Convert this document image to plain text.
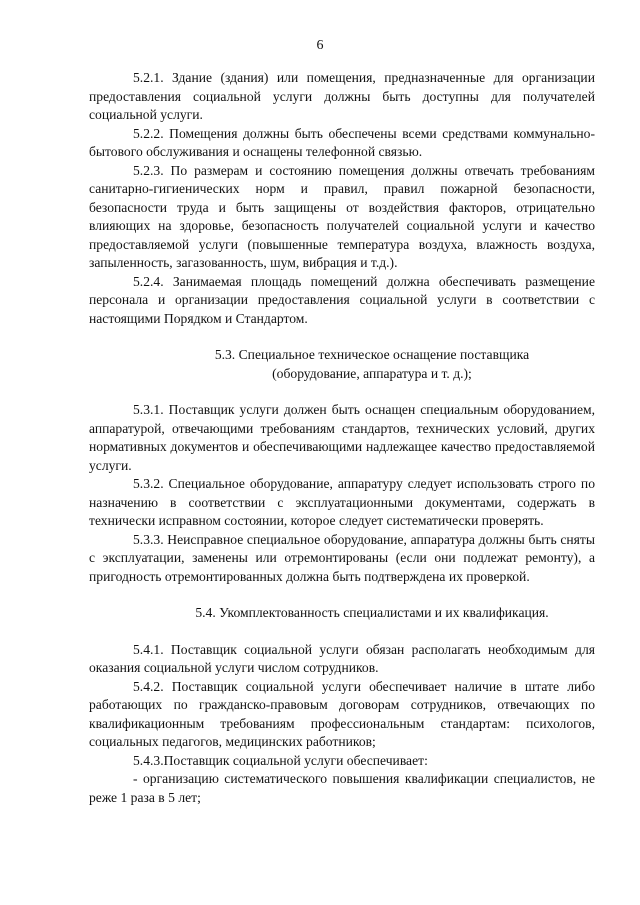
6

5.2.1. Здание (здания) или помещения, предназначенные для организации предоставления социальной услуги должны быть доступны для получателей социальной услуги.

5.2.2. Помещения должны быть обеспечены всеми средствами коммунально-бытового обслуживания и оснащены телефонной связью.

5.2.3. По размерам и состоянию помещения должны отвечать требованиям санитарно-гигиенических норм и правил, правил пожарной безопасности, безопасности труда и быть защищены от воздействия факторов, отрицательно влияющих на здоровье, безопасность получателей социальной услуги и качество предоставляемой услуги (повышенные температура воздуха, влажность воздуха, запыленность, загазованность, шум, вибрация и т.д.).

5.2.4. Занимаемая площадь помещений должна обеспечивать размещение персонала и организации предоставления социальной услуги в соответствии с настоящими Порядком и Стандартом.

5.3. Специальное техническое оснащение поставщика
(оборудование, аппаратура и т. д.);

5.3.1. Поставщик услуги должен быть оснащен специальным оборудованием, аппаратурой, отвечающими требованиям стандартов, технических условий, других нормативных документов и обеспечивающими надлежащее качество предоставляемой услуги.

5.3.2. Специальное оборудование, аппаратуру следует использовать строго по назначению в соответствии с эксплуатационными документами, содержать в технически исправном состоянии, которое следует систематически проверять.

5.3.3. Неисправное специальное оборудование, аппаратура должны быть сняты с эксплуатации, заменены или отремонтированы (если они подлежат ремонту), а пригодность отремонтированных должна быть подтверждена их проверкой.

5.4. Укомплектованность специалистами и их квалификация.

5.4.1. Поставщик социальной услуги обязан располагать необходимым для оказания социальной услуги числом сотрудников.

5.4.2. Поставщик социальной услуги обеспечивает наличие в штате либо работающих по гражданско-правовым договорам сотрудников, отвечающих по квалификационным требованиям профессиональным стандартам: психологов, социальных педагогов, медицинских работников;

5.4.3.Поставщик социальной услуги обеспечивает:

- организацию систематического повышения квалификации специалистов, не реже 1 раза в 5 лет;
